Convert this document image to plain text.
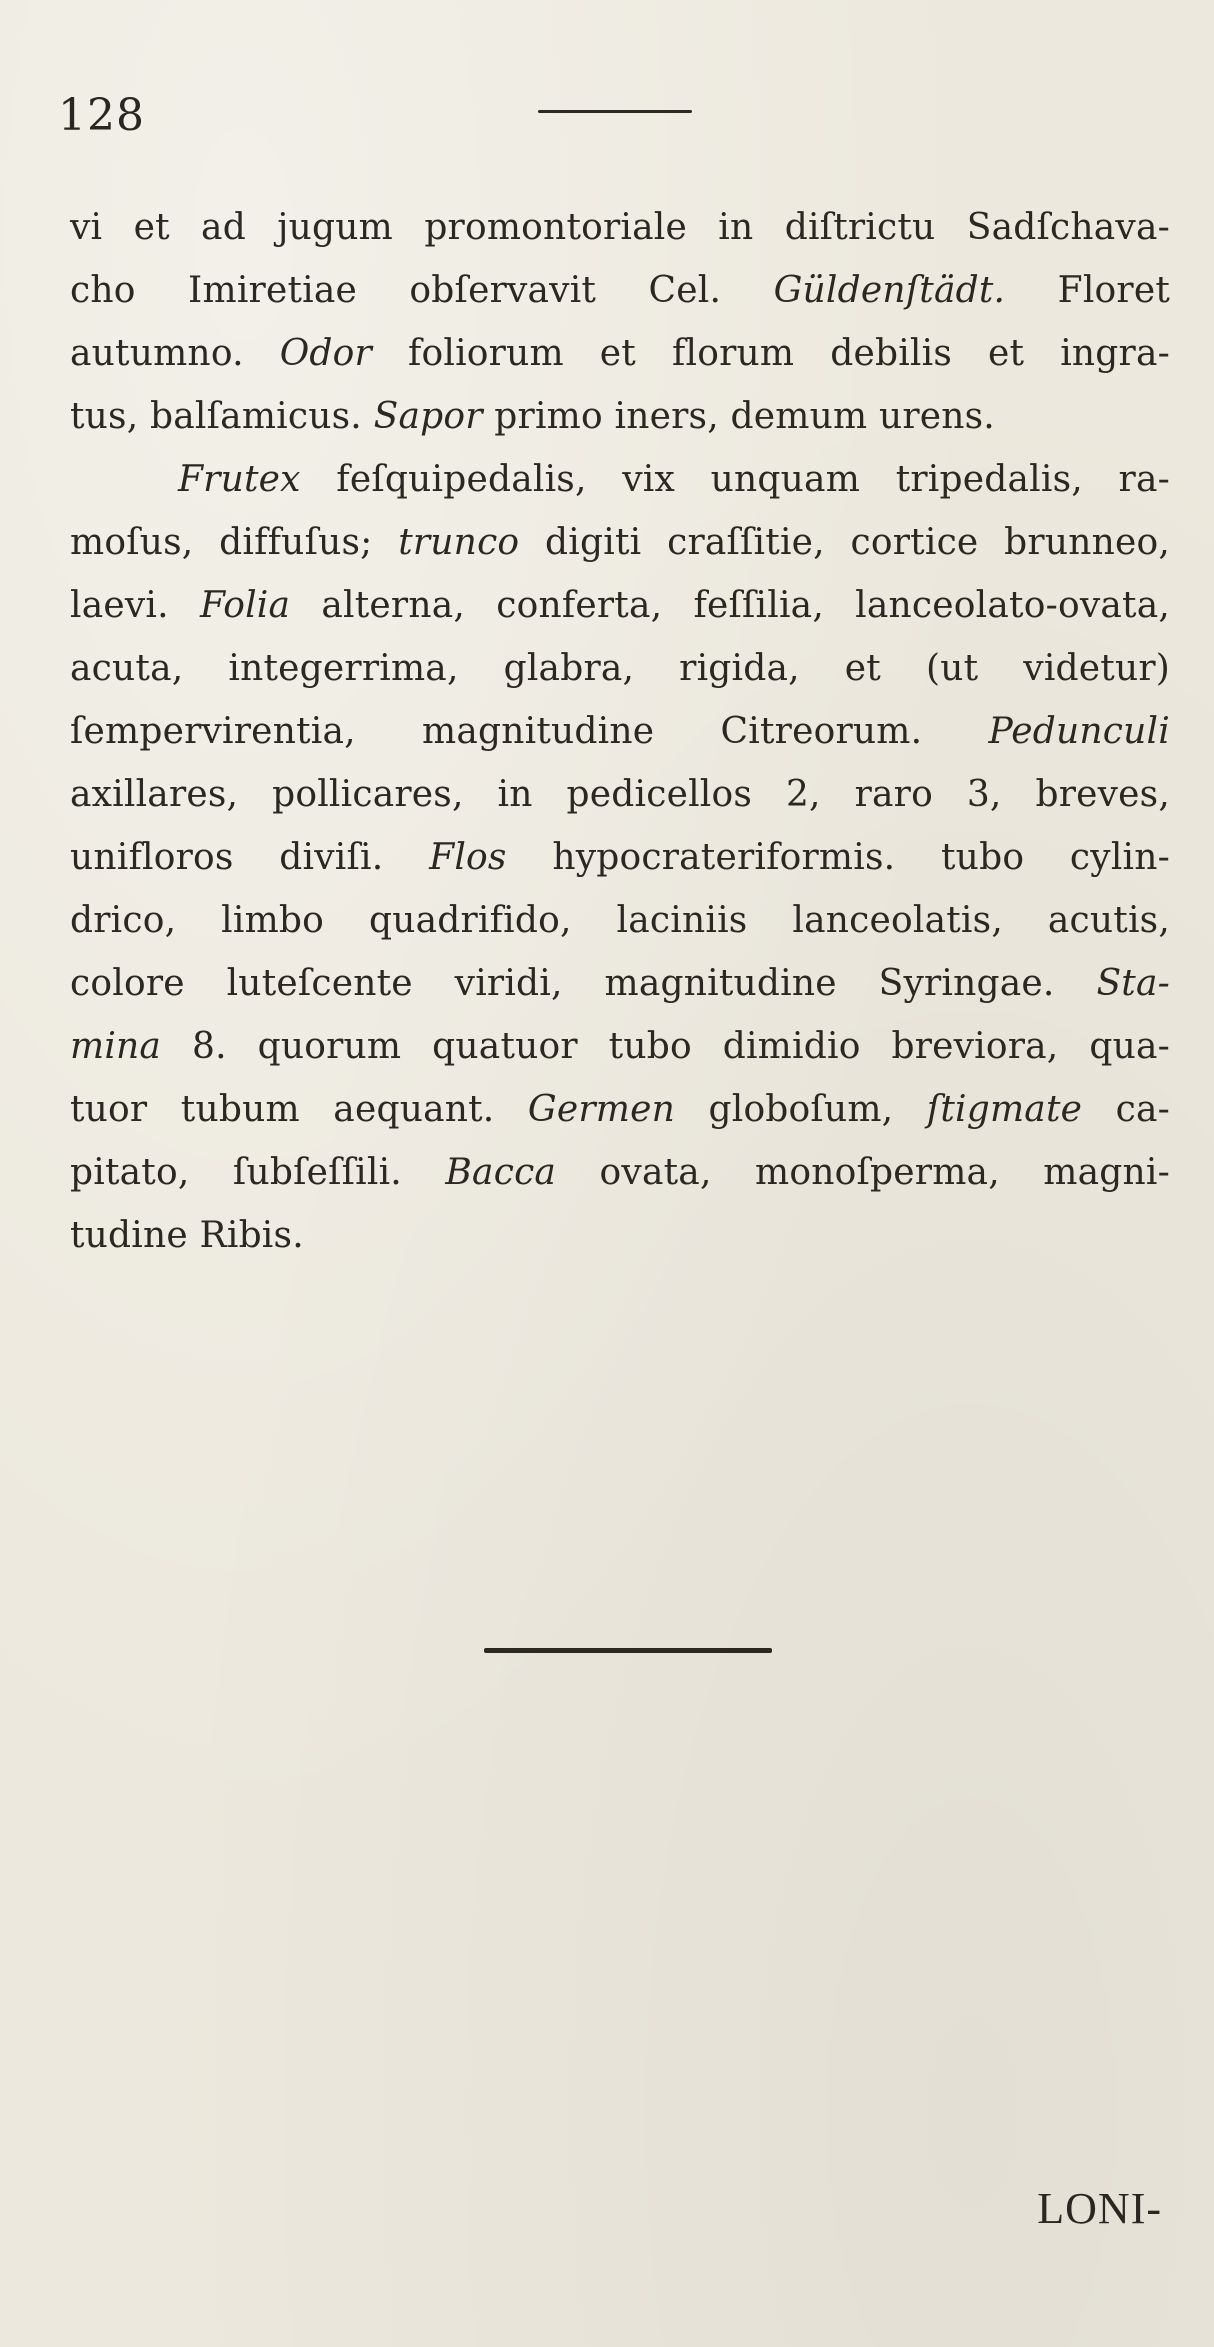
128
vi et ad jugum promontoriale in diſtrictu Sadſchava-
cho Imiretiae obſervavit Cel. Güldenſtädt. Floret
autumno. Odor foliorum et florum debilis et ingra-
tus, balſamicus. Sapor primo iners, demum urens.
Frutex feſquipedalis, vix unquam tripedalis, ra-
moſus, diffuſus; trunco digiti craſſitie, cortice brunneo,
laevi. Folia alterna, conferta, feſſilia, lanceolato-ovata,
acuta, integerrima, glabra, rigida, et (ut videtur)
ſempervirentia, magnitudine Citreorum. Pedunculi
axillares, pollicares, in pedicellos 2, raro 3, breves,
unifloros diviſi. Flos hypocrateriformis. tubo cylin-
drico, limbo quadrifido, laciniis lanceolatis, acutis,
colore luteſcente viridi, magnitudine Syringae. Sta-
mina 8. quorum quatuor tubo dimidio breviora, qua-
tuor tubum aequant. Germen globoſum, ſtigmate ca-
pitato, ſubſeſſili. Bacca ovata, monoſperma, magni-
tudine Ribis.
LONI-
